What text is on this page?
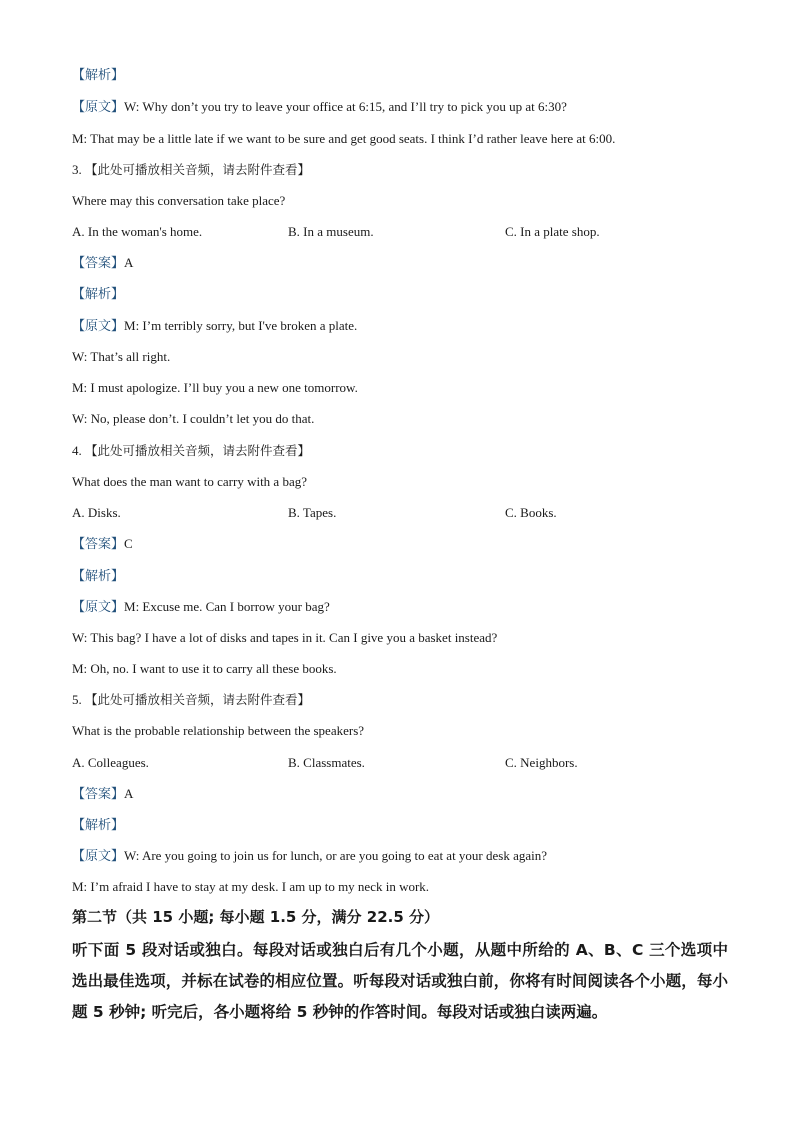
【解析】
【原文】W: Why don’t you try to leave your office at 6:15, and I’ll try to pick you up at 6:30?
M: That may be a little late if we want to be sure and get good seats. I think I’d rather leave here at 6:00.
3. 【此处可播放相关音频，请去附件查看】
Where may this conversation take place?
A. In the woman's home.	B. In a museum.	C. In a plate shop.
【答案】A
【解析】
【原文】M: I’m terribly sorry, but I've broken a plate.
W: That’s all right.
M: I must apologize. I’ll buy you a new one tomorrow.
W: No, please don’t. I couldn’t let you do that.
4. 【此处可播放相关音频，请去附件查看】
What does the man want to carry with a bag?
A. Disks.	B. Tapes.	C. Books.
【答案】C
【解析】
【原文】M: Excuse me. Can I borrow your bag?
W: This bag? I have a lot of disks and tapes in it. Can I give you a basket instead?
M: Oh, no. I want to use it to carry all these books.
5. 【此处可播放相关音频，请去附件查看】
What is the probable relationship between the speakers?
A. Colleagues.	B. Classmates.	C. Neighbors.
【答案】A
【解析】
【原文】W: Are you going to join us for lunch, or are you going to eat at your desk again?
M: I’m afraid I have to stay at my desk. I am up to my neck in work.
第二节（共 15 小题; 每小题 1.5 分，满分 22.5 分）
听下面 5 段对话或独白。每段对话或独白后有几个小题，从题中所给的 A、B、C 三个选项中选出最佳选项，并标在试卷的相应位置。听每段对话或独白前，你将有时间阅读各个小题，每小题 5 秒钟; 听完后，各小题将给 5 秒钟的作答时间。每段对话或独白读两遍。
